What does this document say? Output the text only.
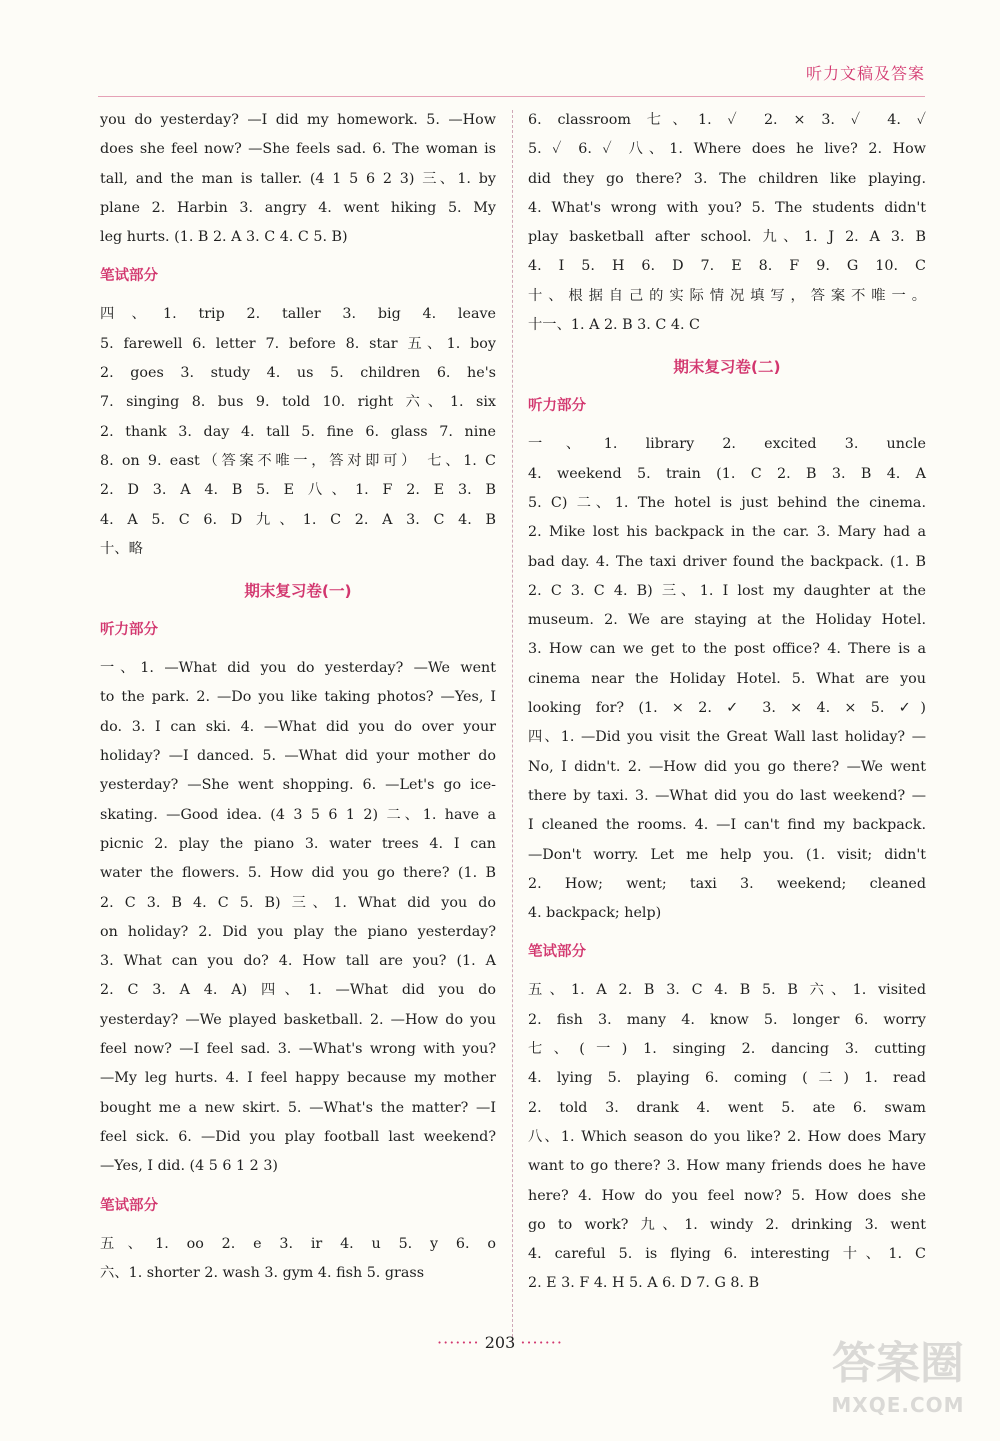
听力文稿及答案
you do yesterday? —I did my homework. 5. —How
does she feel now? —She feels sad. 6. The woman is
tall, and the man is taller. (4 1 5 6 2 3) 三、1. by
plane 2. Harbin 3. angry 4. went hiking 5. My
leg hurts. (1. B 2. A 3. C 4. C 5. B)
笔试部分
四、1. trip 2. taller 3. big 4. leave
5. farewell 6. letter 7. before 8. star 五、1. boy
2. goes 3. study 4. us 5. children 6. he's
7. singing 8. bus 9. told 10. right 六、1. six
2. thank 3. day 4. tall 5. fine 6. glass 7. nine
8. on 9. east（答案不唯一，答对即可） 七、1. C
2. D 3. A 4. B 5. E 八、1. F 2. E 3. B
4. A 5. C 6. D 九、1. C 2. A 3. C 4. B
十、略
期末复习卷(一)
听力部分
一、1. —What did you do yesterday? —We went
to the park. 2. —Do you like taking photos? —Yes, I
do. 3. I can ski. 4. —What did you do over your
holiday? —I danced. 5. —What did your mother do
yesterday? —She went shopping. 6. —Let's go ice-
skating. —Good idea. (4 3 5 6 1 2) 二、1. have a
picnic 2. play the piano 3. water trees 4. I can
water the flowers. 5. How did you go there? (1. B
2. C 3. B 4. C 5. B) 三、1. What did you do
on holiday? 2. Did you play the piano yesterday?
3. What can you do? 4. How tall are you? (1. A
2. C 3. A 4. A) 四、1. —What did you do
yesterday? —We played basketball. 2. —How do you
feel now? —I feel sad. 3. —What's wrong with you?
—My leg hurts. 4. I feel happy because my mother
bought me a new skirt. 5. —What's the matter? —I
feel sick. 6. —Did you play football last weekend?
—Yes, I did. (4 5 6 1 2 3)
笔试部分
五、1. oo 2. e 3. ir 4. u 5. y 6. o
六、1. shorter 2. wash 3. gym 4. fish 5. grass
6. classroom 七、1. ✓ 2. × 3. ✓ 4. ✓
5. ✓ 6. ✓ 八、1. Where does he live? 2. How
did they go there? 3. The children like playing.
4. What's wrong with you? 5. The students didn't
play basketball after school. 九、1. J 2. A 3. B
4. I 5. H 6. D 7. E 8. F 9. G 10. C
十、根据自己的实际情况填写，答案不唯一。
十一、1. A 2. B 3. C 4. C
期末复习卷(二)
听力部分
一、1. library 2. excited 3. uncle
4. weekend 5. train (1. C 2. B 3. B 4. A
5. C) 二、1. The hotel is just behind the cinema.
2. Mike lost his backpack in the car. 3. Mary had a
bad day. 4. The taxi driver found the backpack. (1. B
2. C 3. C 4. B) 三、1. I lost my daughter at the
museum. 2. We are staying at the Holiday Hotel.
3. How can we get to the post office? 4. There is a
cinema near the Holiday Hotel. 5. What are you
looking for? (1. × 2. ✓ 3. × 4. × 5. ✓)
四、1. —Did you visit the Great Wall last holiday? —
No, I didn't. 2. —How did you go there? —We went
there by taxi. 3. —What did you do last weekend? —
I cleaned the rooms. 4. —I can't find my backpack.
—Don't worry. Let me help you. (1. visit; didn't
2. How; went; taxi 3. weekend; cleaned
4. backpack; help)
笔试部分
五、1. A 2. B 3. C 4. B 5. B 六、1. visited
2. fish 3. many 4. know 5. longer 6. worry
七、(一) 1. singing 2. dancing 3. cutting
4. lying 5. playing 6. coming (二) 1. read
2. told 3. drank 4. went 5. ate 6. swam
八、1. Which season do you like? 2. How does Mary
want to go there? 3. How many friends does he have
here? 4. How do you feel now? 5. How does she
go to work? 九、1. windy 2. drinking 3. went
4. careful 5. is flying 6. interesting 十、1. C
2. E 3. F 4. H 5. A 6. D 7. G 8. B
······· 203 ·······	答案圈
MXQE.COM
